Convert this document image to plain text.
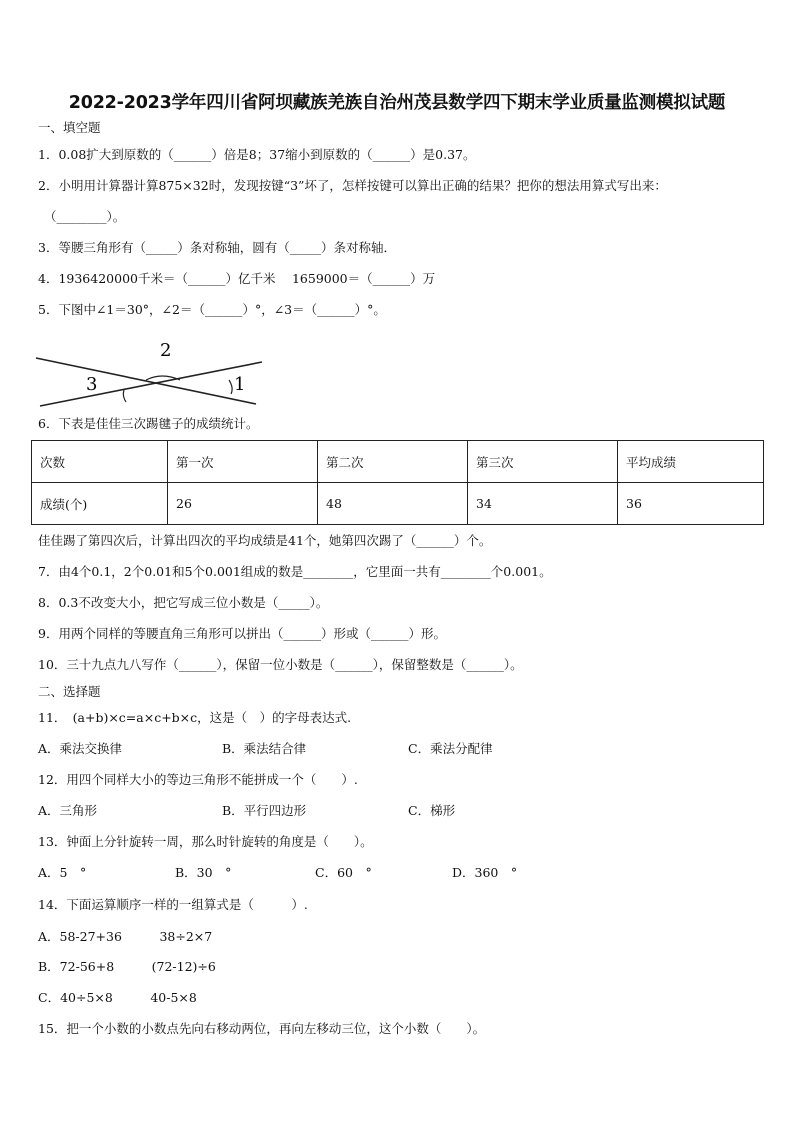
2022-2023学年四川省阿坝藏族羌族自治州茂县数学四下期末学业质量监测模拟试题
一、填空题
1．0.08扩大到原数的（______）倍是8；37缩小到原数的（______）是0.37。
2．小明用计算器计算875×32时，发现按键“3”坏了，怎样按键可以算出正确的结果？把你的想法用算式写出来：
（________）。
3．等腰三角形有（_____）条对称轴，圆有（_____）条对称轴．
4．1936420000千米＝（______）亿千米　 1659000＝（______）万
5．下图中∠1＝30°，∠2＝（______）°，∠3＝（______）°。
2
3	1
6．下表是佳佳三次踢毽子的成绩统计。
次数	第一次	第二次	第三次	平均成绩
成绩(个)	26	48	34	36
佳佳踢了第四次后，计算出四次的平均成绩是41个，她第四次踢了（______）个。
7．由4个0.1，2个0.01和5个0.001组成的数是________，它里面一共有________个0.001。
8．0.3不改变大小，把它写成三位小数是（_____）。
9．用两个同样的等腰直角三角形可以拼出（______）形或（______）形。
10．三十九点九八写作（______），保留一位小数是（______），保留整数是（______）。
二、选择题
11．　(a+b)×c=a×c+b×c，这是（　）的字母表达式.
A．乘法交换律	B．乘法结合律	C．乘法分配律
12．用四个同样大小的等边三角形不能拼成一个（　　）.
A．三角形	B．平行四边形	C．梯形
13．钟面上分针旋转一周，那么时针旋转的角度是（　　）。
A．5　°	B．30　°	C．60　°	D．360　°
14．下面运算顺序一样的一组算式是（　　　）.
A．58-27+36　　　38÷2×7
B．72-56+8　　　(72-12)÷6
C．40÷5×8　　　40-5×8
15．把一个小数的小数点先向右移动两位，再向左移动三位，这个小数（　　）。
